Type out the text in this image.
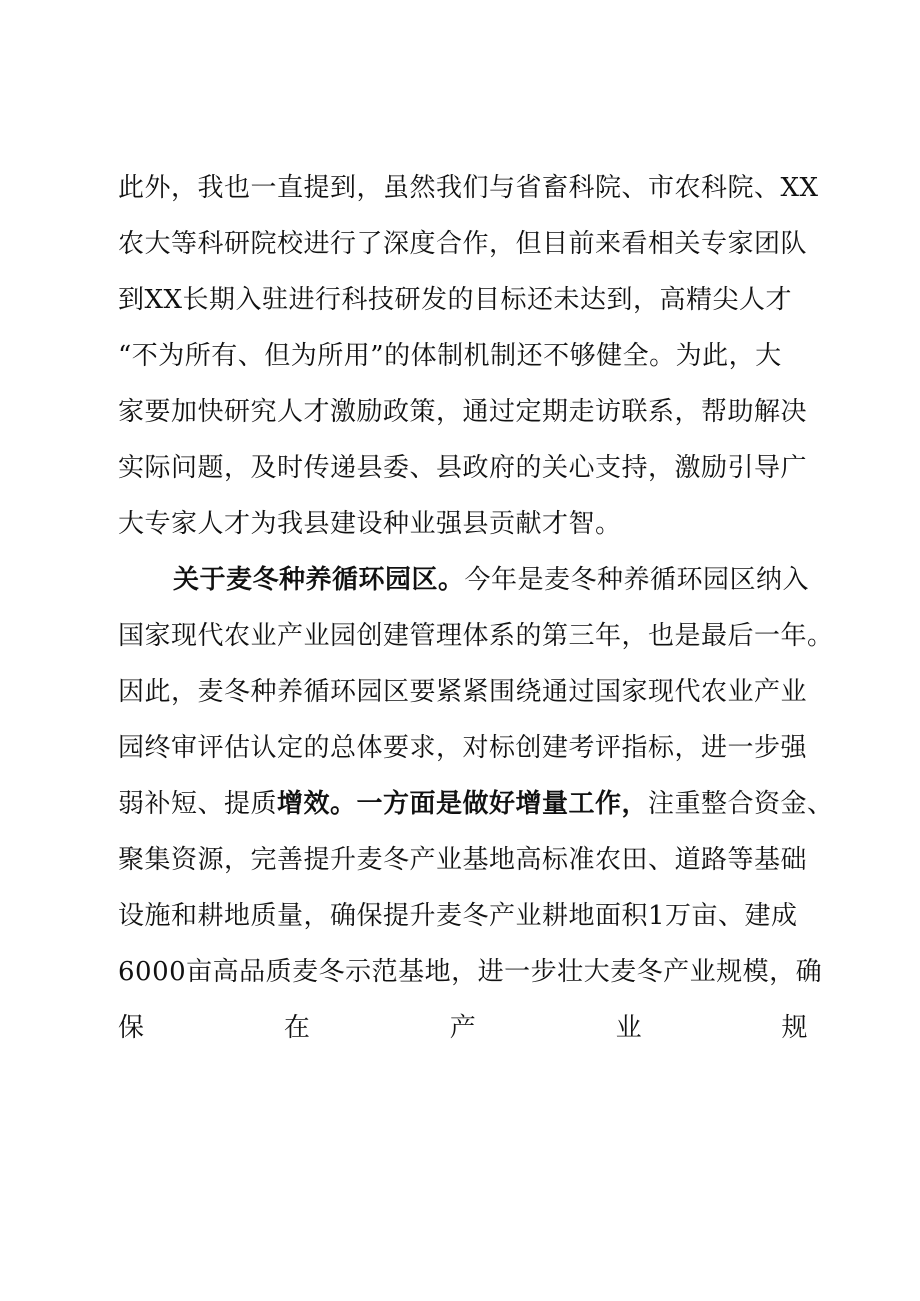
此外，我也一直提到，虽然我们与省畜科院、市农科院、XX
农大等科研院校进行了深度合作，但目前来看相关专家团队
到XX长期入驻进行科技研发的目标还未达到，高精尖人才
“不为所有、但为所用”的体制机制还不够健全。为此，大
家要加快研究人才激励政策，通过定期走访联系，帮助解决
实际问题，及时传递县委、县政府的关心支持，激励引导广
大专家人才为我县建设种业强县贡献才智。
关于麦冬种养循环园区。今年是麦冬种养循环园区纳入
国家现代农业产业园创建管理体系的第三年，也是最后一年。
因此，麦冬种养循环园区要紧紧围绕通过国家现代农业产业
园终审评估认定的总体要求，对标创建考评指标，进一步强
弱补短、提质增效。一方面是做好增量工作，注重整合资金、
聚集资源，完善提升麦冬产业基地高标准农田、道路等基础
设施和耕地质量，确保提升麦冬产业耕地面积1万亩、建成
6000亩高品质麦冬示范基地，进一步壮大麦冬产业规模，确
保	在	产	业	规
